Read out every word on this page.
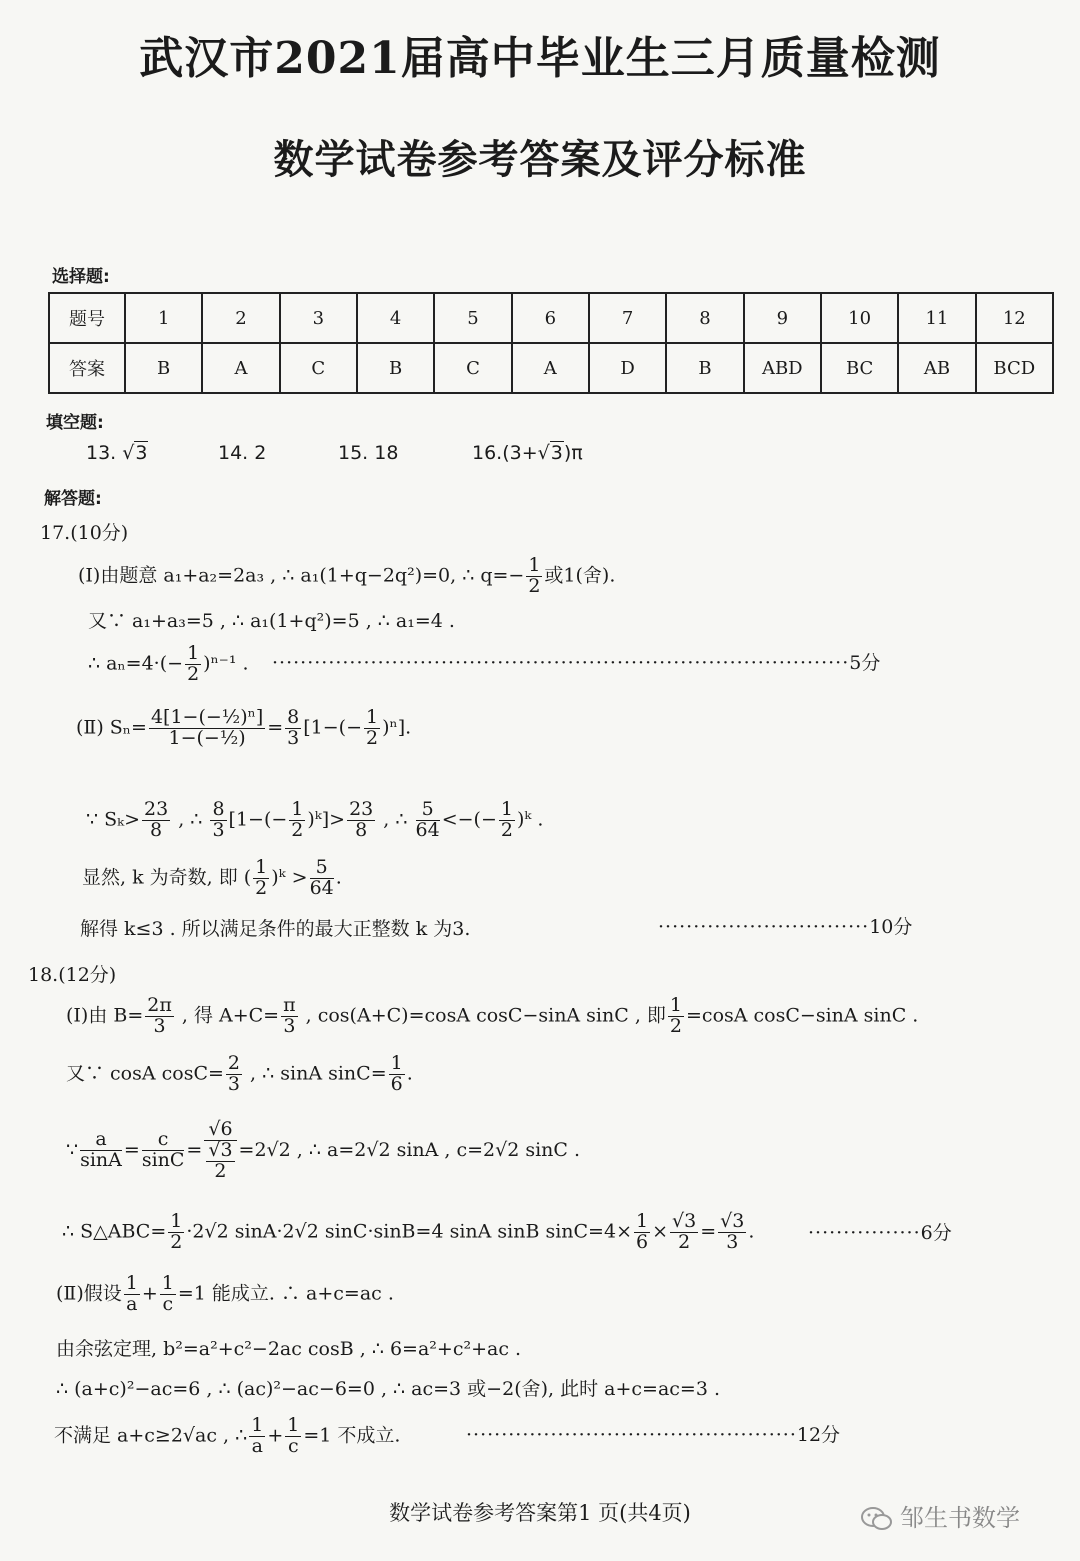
武汉市2021届高中毕业生三月质量检测
数学试卷参考答案及评分标准
选择题:
题号	1	2	3	4	5	6	7	8	9	10	11	12
答案	B	A	C	B	C	A	D	B	ABD	BC	AB	BCD
填空题:
13. √3	14. 2	15. 18	16.(3+√3)π
解答题:
17.(10分)
(Ⅰ)由题意 a₁+a₂=2a₃ , ∴ a₁(1+q−2q²)=0, ∴ $q=- \frac{1}{2}$ 或1(舍).
又∵ a₁+a₃=5 , ∴ a₁(1+q²)=5 , ∴ a₁=4 .
∴ $a_n=4\cdot(- \frac{1}{2} )^{n-1}$ . ··················································································5分
(Ⅱ) $S_n= \frac{\text{4[1−(−½)ⁿ]}}{\text{1−(−½)}} = \frac{8}{3} [1-(- \frac{1}{2} )^n]$.
∵ $S_k> \frac{23}{8}$ , ∴ $\frac{8}{3} [1-(- \frac{1}{2}$ )ᵏ]> $\frac{23}{8}$ , ∴ $\frac{5}{64}$ <−(− $\frac{1}{2}$ )ᵏ .
显然, k 为奇数, 即 ( $\frac{1}{2}$ )ᵏ > $\frac{5}{64}$ .
解得 k≤3 . 所以满足条件的最大正整数 k 为3.	······························10分
18.(12分)
(Ⅰ)由 $B= \frac{2\pi}{3}$ , 得 $A+C= \frac{\pi}{3}$ , cos(A+C)=cosA cosC−sinA sinC , 即 $\frac{1}{2} =\cos A$ cosC−sinA sinC .
又∵ cosA $\cos C= \frac{2}{3}$ , ∴ sinA $\sin C= \frac{1}{6}$ .
∵ $\frac{a}{\sin A} = \frac{c}{\sin C} = √6$
√3
2 =2√2 , ∴ a=2√2 sinA , c=2√2 sinC .
∴ S△ABC= $\frac{1}{2} \cdot 2√2$ sinA·2√2 sinC·sinB=4 sinA sinB $\sin C=4\times \frac{1}{6} \times \frac{√3}{2} = \frac{√3}{3}$ .	················6分
(Ⅱ)假设 $\frac{1}{a} + \frac{1}{c} =1$ 能成立. ∴ a+c=ac .
由余弦定理, b²=a²+c²−2ac cosB , ∴ 6=a²+c²+ac .
∴ (a+c)²−ac=6 , ∴ (ac)²−ac−6=0 , ∴ ac=3 或−2(舍), 此时 a+c=ac=3 .
不满足 a+c≥2√ac , ∴ $\frac{1}{a} + \frac{1}{c} =1$ 不成立.	···············································12分
数学试卷参考答案第1 页(共4页)	邹生书数学
